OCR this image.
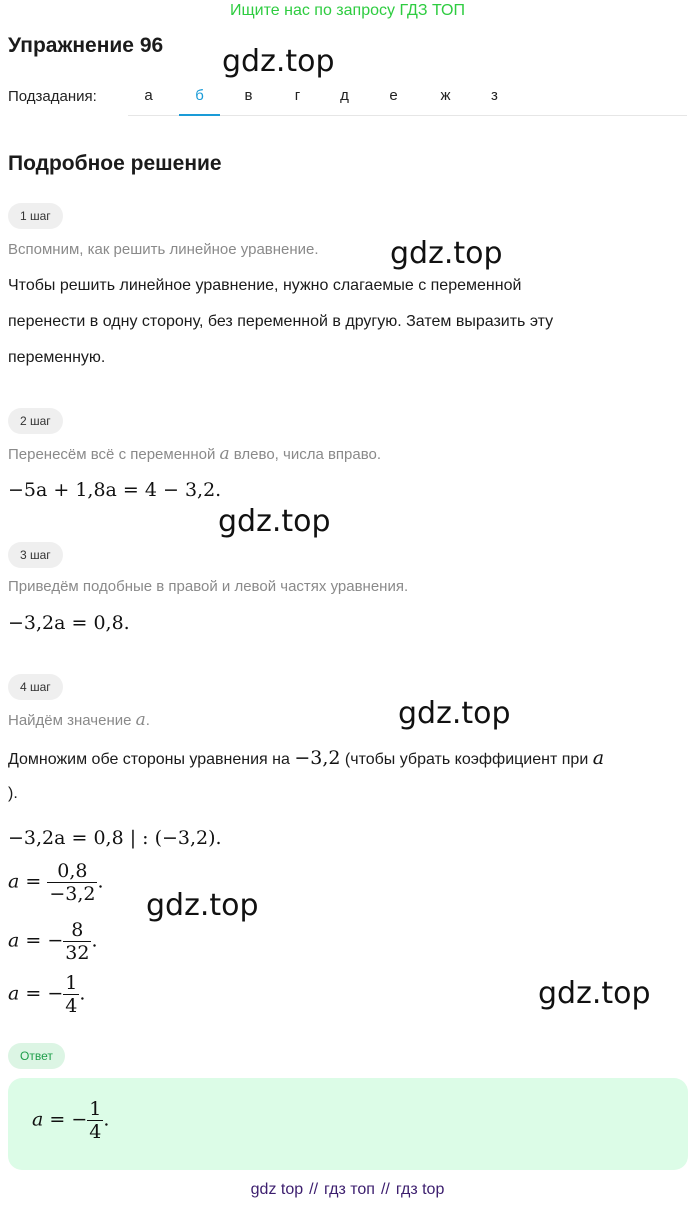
Ищите нас по запросу ГДЗ ТОП
Упражнение 96 gdz.top
gdz.top
gdz.top
gdz.top
gdz.top
gdz.top
Подзадания:	а	б	в	г	д	е	ж	з
Подробное решение
1 шаг
Вспомним, как решить линейное уравнение.
Чтобы решить линейное уравнение, нужно слагаемые с переменной
перенести в одну сторону, без переменной в другую. Затем выразить эту
переменную.
2 шаг
Перенесём всё с переменной a влево, числа вправо.
−5a + 1,8a = 4 − 3,2.
3 шаг
Приведём подобные в правой и левой частях уравнения.
−3,2a = 0,8.
4 шаг
Найдём значение a.
Домножим обе стороны уравнения на −3,2 (чтобы убрать коэффициент при a
).
−3,2a = 0,8 | : (−3,2).
$a = \frac{0,8}{-3,2}$ .
a = − $\frac{8}{32}$ .
a = − $\frac{1}{4}$ .
Ответ
a = − $\frac{1}{4}$ .
gdz top // гдз топ // гдз top
